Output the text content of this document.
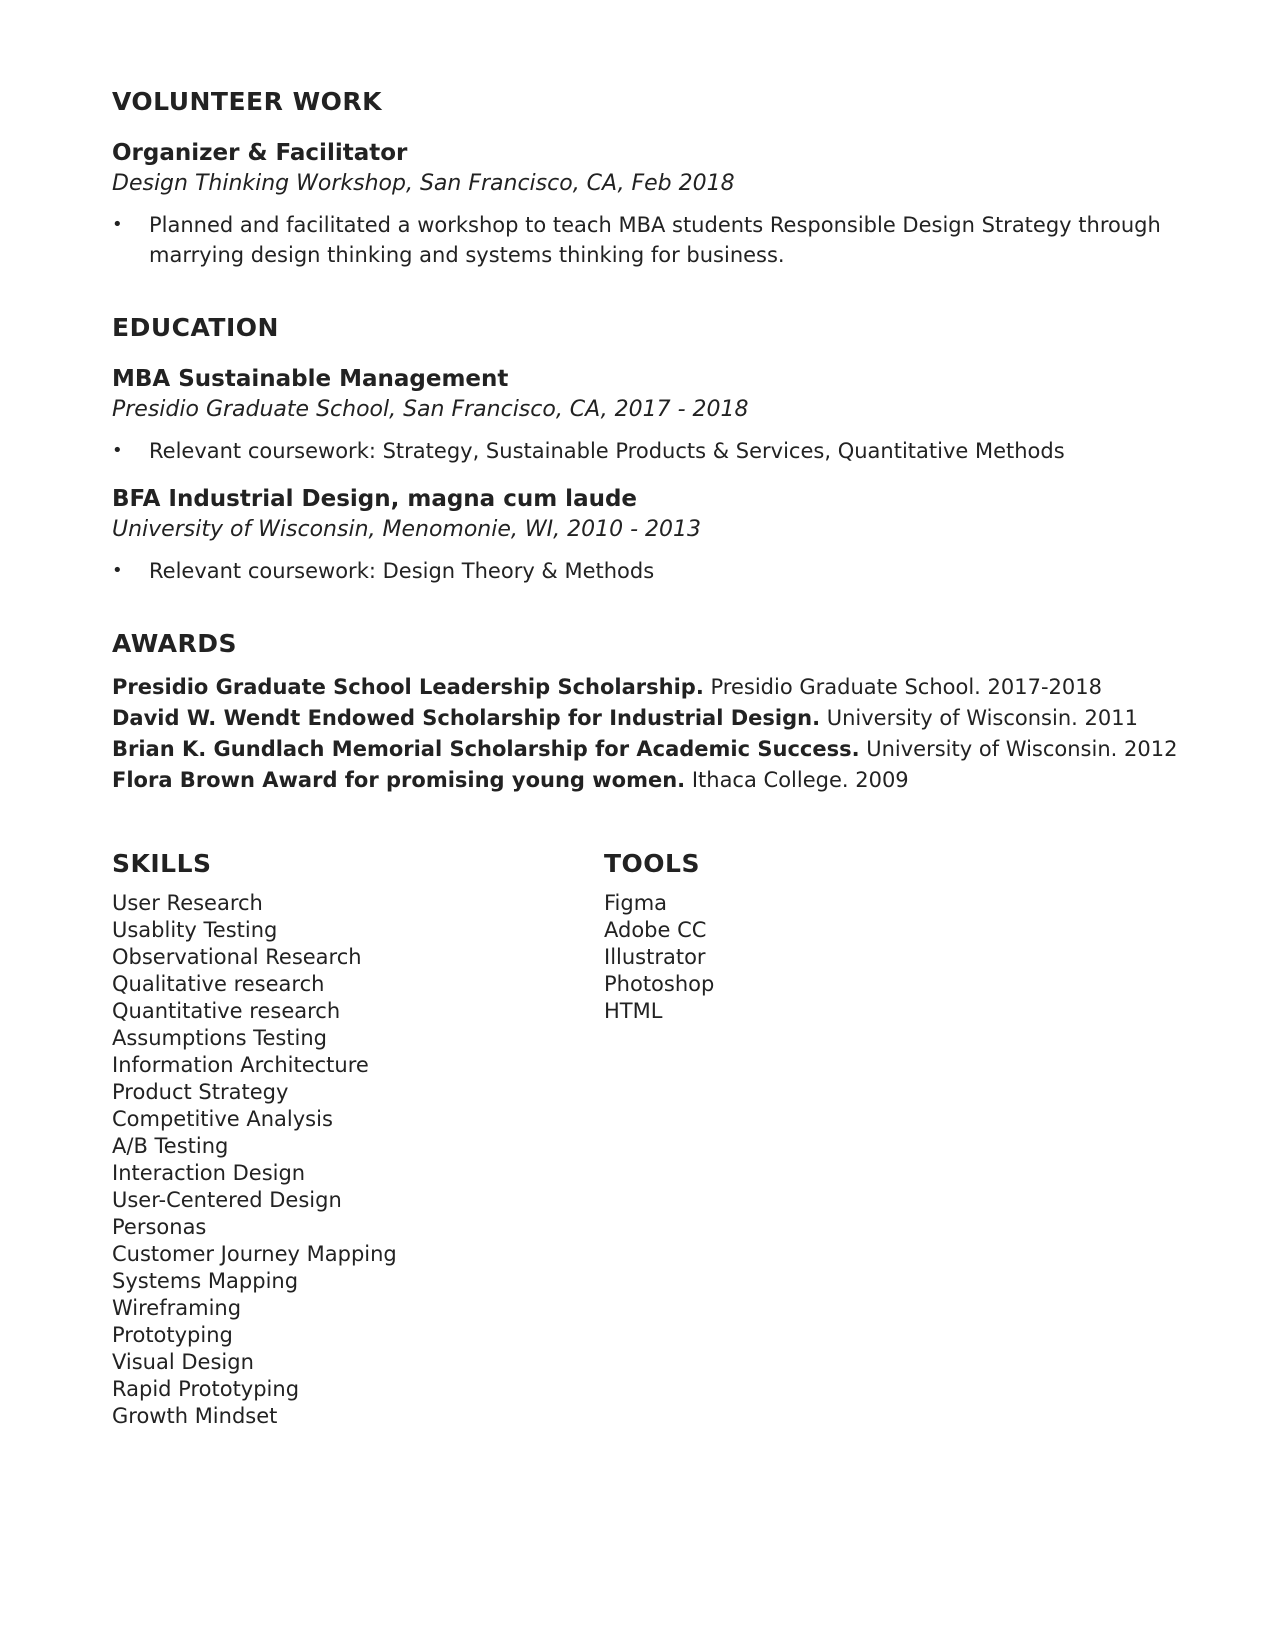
VOLUNTEER WORK
Organizer & Facilitator
Design Thinking Workshop, San Francisco, CA, Feb 2018
•	Planned and facilitated a workshop to teach MBA students Responsible Design Strategy through marrying design thinking and systems thinking for business.
EDUCATION
MBA Sustainable Management
Presidio Graduate School, San Francisco, CA, 2017 - 2018
•	Relevant coursework: Strategy, Sustainable Products & Services, Quantitative Methods
BFA Industrial Design, magna cum laude
University of Wisconsin, Menomonie, WI, 2010 - 2013
•	Relevant coursework: Design Theory & Methods
AWARDS
Presidio Graduate School Leadership Scholarship. Presidio Graduate School. 2017-2018
David W. Wendt Endowed Scholarship for Industrial Design. University of Wisconsin. 2011
Brian K. Gundlach Memorial Scholarship for Academic Success. University of Wisconsin. 2012
Flora Brown Award for promising young women. Ithaca College. 2009
SKILLS
User Research
Usablity Testing
Observational Research
Qualitative research
Quantitative research
Assumptions Testing
Information Architecture
Product Strategy
Competitive Analysis
A/B Testing
Interaction Design
User-Centered Design
Personas
Customer Journey Mapping
Systems Mapping
Wireframing
Prototyping
Visual Design
Rapid Prototyping
Growth Mindset
TOOLS
Figma
Adobe CC
Illustrator
Photoshop
HTML
